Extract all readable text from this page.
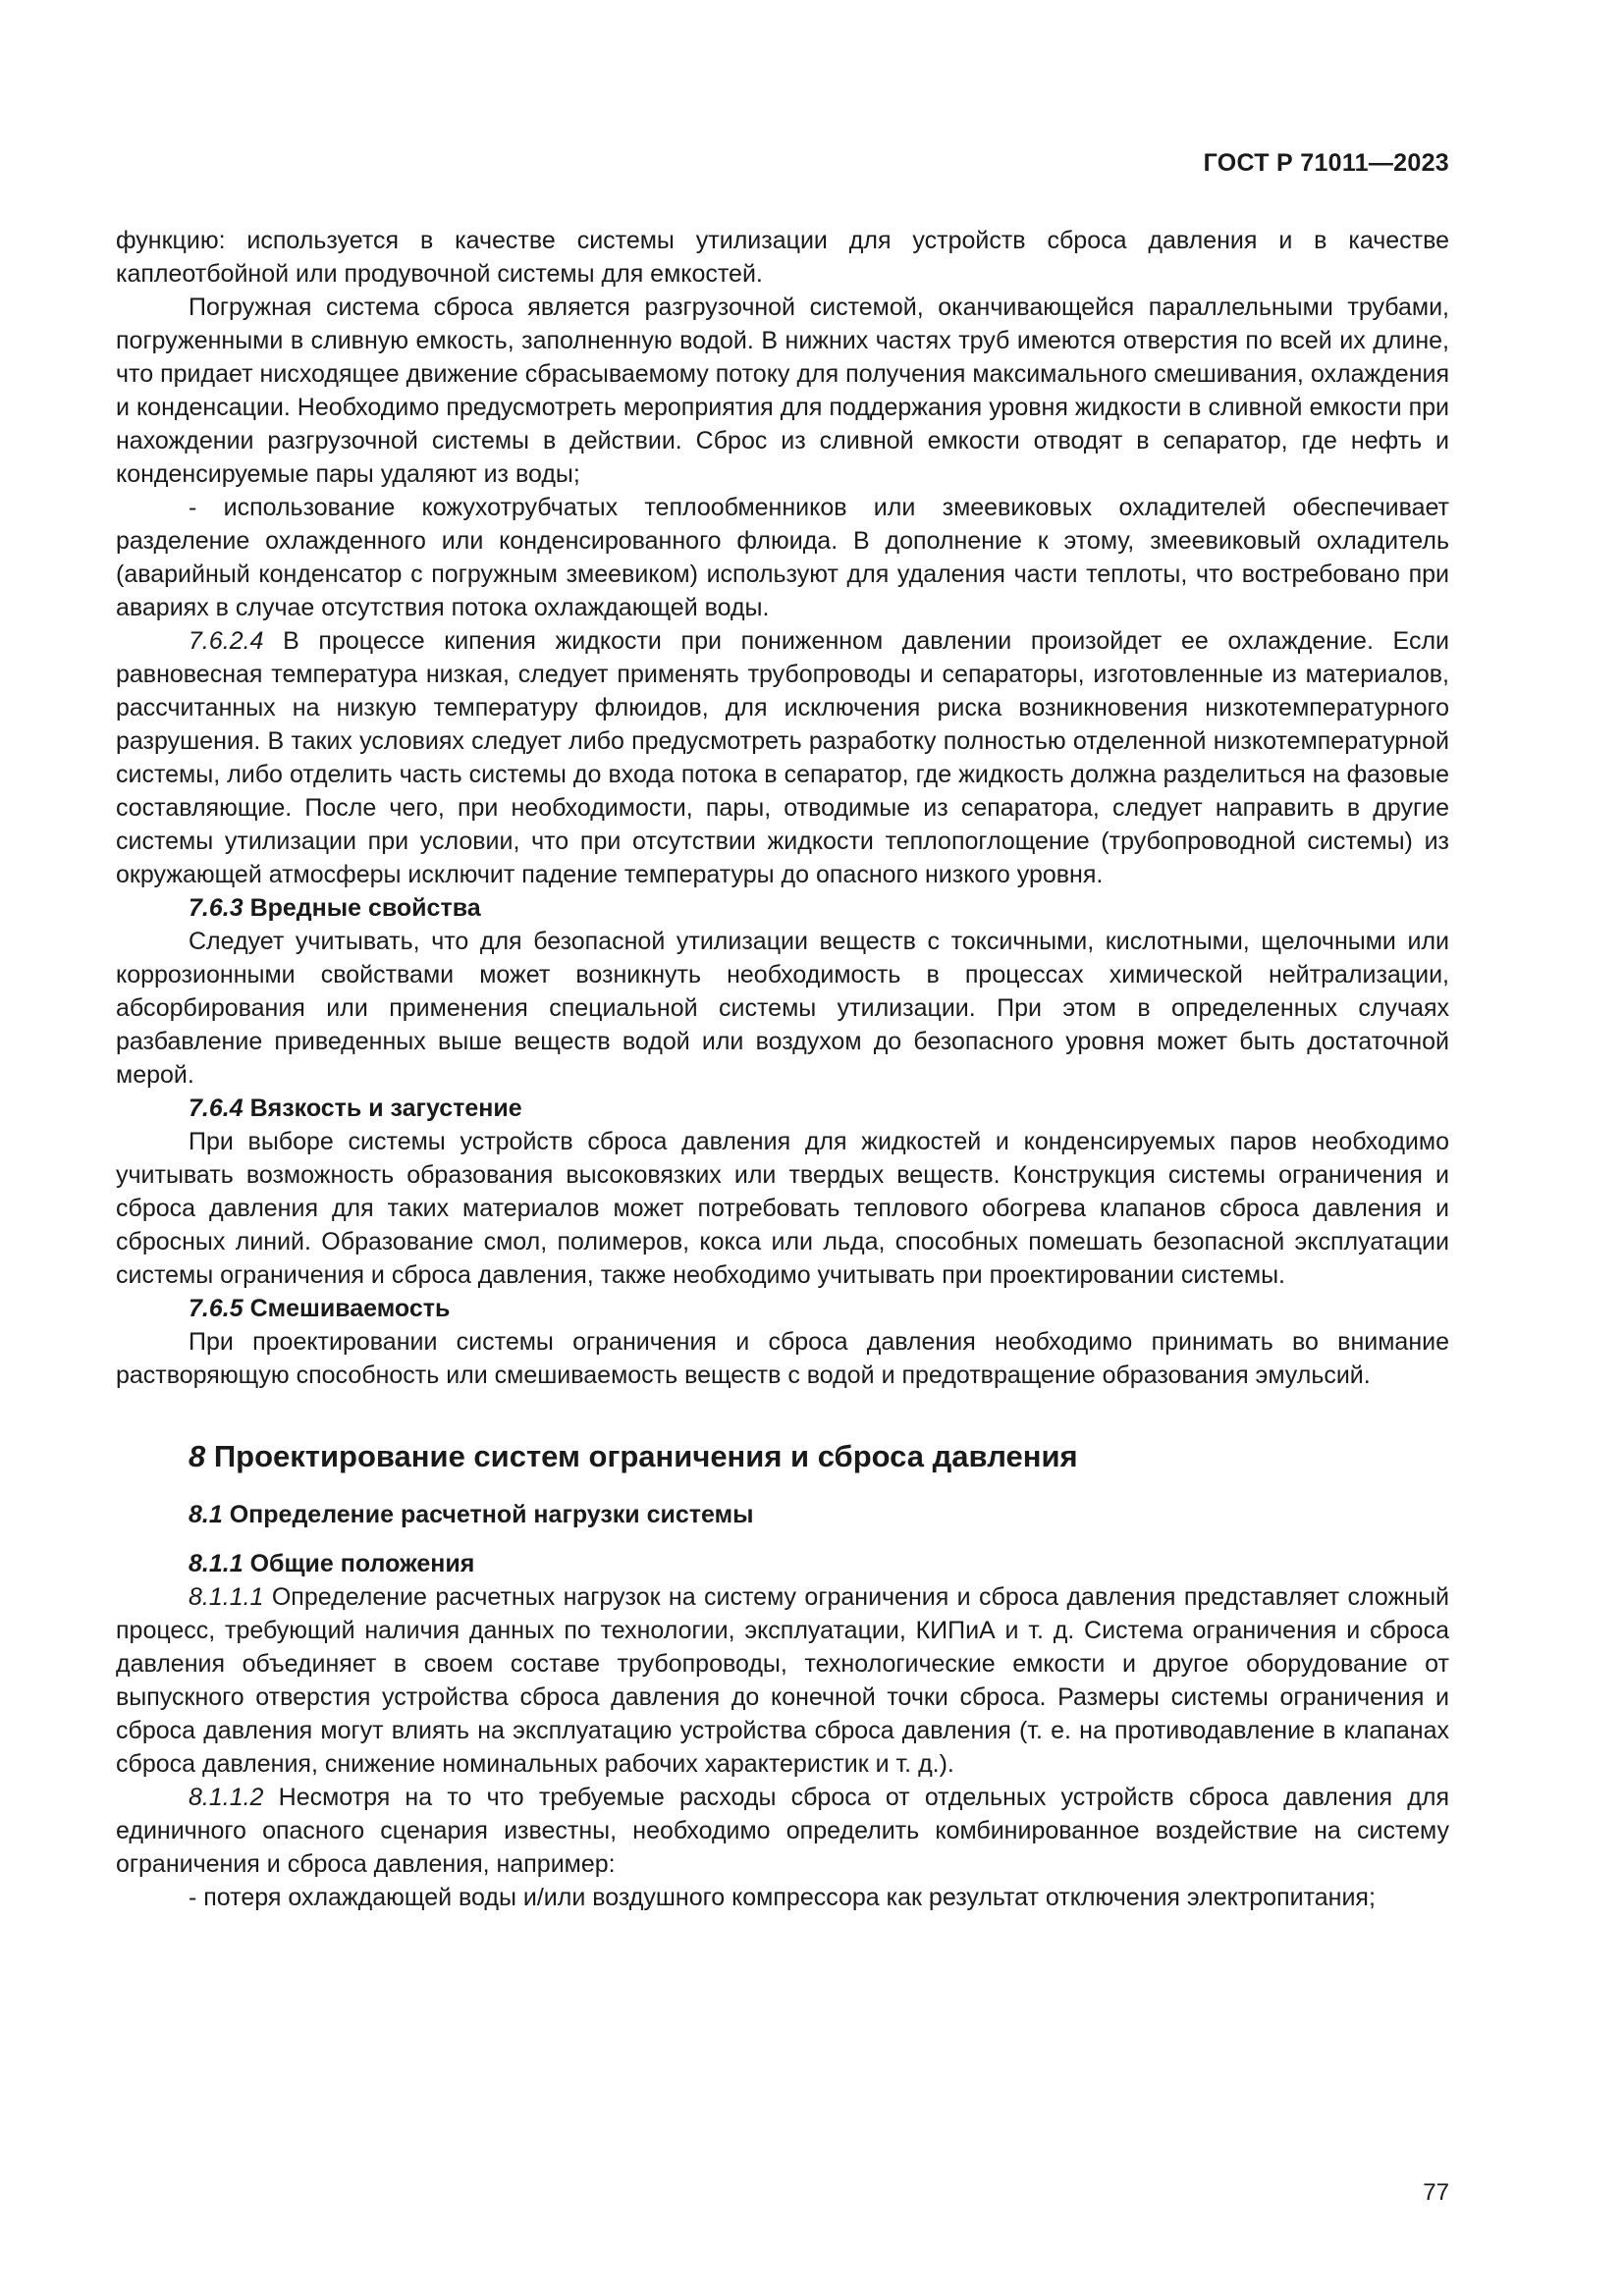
ГОСТ Р 71011—2023

функцию: используется в качестве системы утилизации для устройств сброса давления и в качестве каплеотбойной или продувочной системы для емкостей.

Погружная система сброса является разгрузочной системой, оканчивающейся параллельными трубами, погруженными в сливную емкость, заполненную водой. В нижних частях труб имеются отверстия по всей их длине, что придает нисходящее движение сбрасываемому потоку для получения максимального смешивания, охлаждения и конденсации. Необходимо предусмотреть мероприятия для поддержания уровня жидкости в сливной емкости при нахождении разгрузочной системы в действии. Сброс из сливной емкости отводят в сепаратор, где нефть и конденсируемые пары удаляют из воды;

- использование кожухотрубчатых теплообменников или змеевиковых охладителей обеспечивает разделение охлажденного или конденсированного флюида. В дополнение к этому, змеевиковый охладитель (аварийный конденсатор с погружным змеевиком) используют для удаления части теплоты, что востребовано при авариях в случае отсутствия потока охлаждающей воды.

7.6.2.4 В процессе кипения жидкости при пониженном давлении произойдет ее охлаждение. Если равновесная температура низкая, следует применять трубопроводы и сепараторы, изготовленные из материалов, рассчитанных на низкую температуру флюидов, для исключения риска возникновения низкотемпературного разрушения. В таких условиях следует либо предусмотреть разработку полностью отделенной низкотемпературной системы, либо отделить часть системы до входа потока в сепаратор, где жидкость должна разделиться на фазовые составляющие. После чего, при необходимости, пары, отводимые из сепаратора, следует направить в другие системы утилизации при условии, что при отсутствии жидкости теплопоглощение (трубопроводной системы) из окружающей атмосферы исключит падение температуры до опасного низкого уровня.

7.6.3 Вредные свойства

Следует учитывать, что для безопасной утилизации веществ с токсичными, кислотными, щелочными или коррозионными свойствами может возникнуть необходимость в процессах химической нейтрализации, абсорбирования или применения специальной системы утилизации. При этом в определенных случаях разбавление приведенных выше веществ водой или воздухом до безопасного уровня может быть достаточной мерой.

7.6.4 Вязкость и загустение

При выборе системы устройств сброса давления для жидкостей и конденсируемых паров необходимо учитывать возможность образования высоковязких или твердых веществ. Конструкция системы ограничения и сброса давления для таких материалов может потребовать теплового обогрева клапанов сброса давления и сбросных линий. Образование смол, полимеров, кокса или льда, способных помешать безопасной эксплуатации системы ограничения и сброса давления, также необходимо учитывать при проектировании системы.

7.6.5 Смешиваемость

При проектировании системы ограничения и сброса давления необходимо принимать во внимание растворяющую способность или смешиваемость веществ с водой и предотвращение образования эмульсий.

8 Проектирование систем ограничения и сброса давления

8.1 Определение расчетной нагрузки системы

8.1.1 Общие положения

8.1.1.1 Определение расчетных нагрузок на систему ограничения и сброса давления представляет сложный процесс, требующий наличия данных по технологии, эксплуатации, КИПиА и т. д. Система ограничения и сброса давления объединяет в своем составе трубопроводы, технологические емкости и другое оборудование от выпускного отверстия устройства сброса давления до конечной точки сброса. Размеры системы ограничения и сброса давления могут влиять на эксплуатацию устройства сброса давления (т. е. на противодавление в клапанах сброса давления, снижение номинальных рабочих характеристик и т. д.).

8.1.1.2 Несмотря на то что требуемые расходы сброса от отдельных устройств сброса давления для единичного опасного сценария известны, необходимо определить комбинированное воздействие на систему ограничения и сброса давления, например:

- потеря охлаждающей воды и/или воздушного компрессора как результат отключения электропитания;

77
